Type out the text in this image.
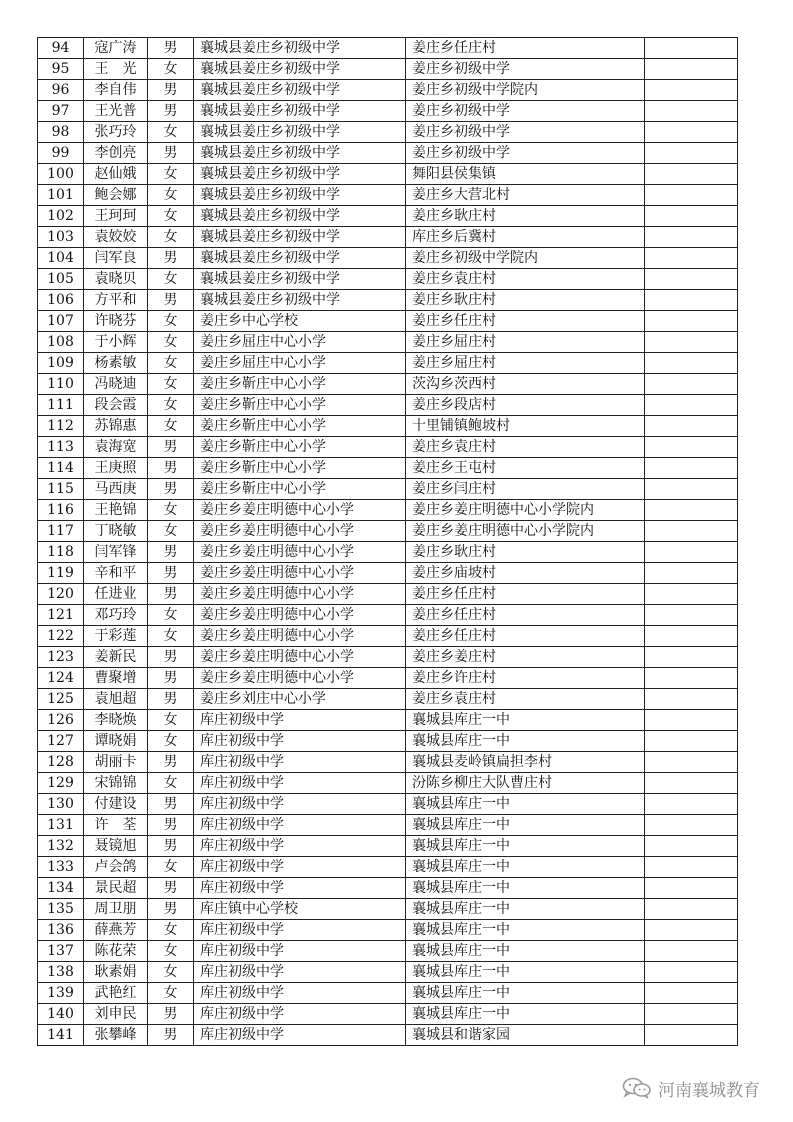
94	寇广涛	男	襄城县姜庄乡初级中学	姜庄乡任庄村	
95	王　光	女	襄城县姜庄乡初级中学	姜庄乡初级中学	
96	李自伟	男	襄城县姜庄乡初级中学	姜庄乡初级中学院内	
97	王光普	男	襄城县姜庄乡初级中学	姜庄乡初级中学	
98	张巧玲	女	襄城县姜庄乡初级中学	姜庄乡初级中学	
99	李创亮	男	襄城县姜庄乡初级中学	姜庄乡初级中学	
100	赵仙娥	女	襄城县姜庄乡初级中学	舞阳县侯集镇	
101	鲍会娜	女	襄城县姜庄乡初级中学	姜庄乡大营北村	
102	王珂珂	女	襄城县姜庄乡初级中学	姜庄乡耿庄村	
103	袁姣姣	女	襄城县姜庄乡初级中学	库庄乡后冀村	
104	闫军良	男	襄城县姜庄乡初级中学	姜庄乡初级中学院内	
105	袁晓贝	女	襄城县姜庄乡初级中学	姜庄乡袁庄村	
106	方平和	男	襄城县姜庄乡初级中学	姜庄乡耿庄村	
107	许晓芬	女	姜庄乡中心学校	姜庄乡任庄村	
108	于小辉	女	姜庄乡屈庄中心小学	姜庄乡屈庄村	
109	杨素敏	女	姜庄乡屈庄中心小学	姜庄乡屈庄村	
110	冯晓迪	女	姜庄乡靳庄中心小学	茨沟乡茨西村	
111	段会霞	女	姜庄乡靳庄中心小学	姜庄乡段店村	
112	苏锦惠	女	姜庄乡靳庄中心小学	十里铺镇鲍坡村	
113	袁海宽	男	姜庄乡靳庄中心小学	姜庄乡袁庄村	
114	王庚照	男	姜庄乡靳庄中心小学	姜庄乡王屯村	
115	马西庚	男	姜庄乡靳庄中心小学	姜庄乡闫庄村	
116	王艳锦	女	姜庄乡姜庄明德中心小学	姜庄乡姜庄明德中心小学院内	
117	丁晓敏	女	姜庄乡姜庄明德中心小学	姜庄乡姜庄明德中心小学院内	
118	闫军锋	男	姜庄乡姜庄明德中心小学	姜庄乡耿庄村	
119	辛和平	男	姜庄乡姜庄明德中心小学	姜庄乡庙坡村	
120	任进业	男	姜庄乡姜庄明德中心小学	姜庄乡任庄村	
121	邓巧玲	女	姜庄乡姜庄明德中心小学	姜庄乡任庄村	
122	于彩莲	女	姜庄乡姜庄明德中心小学	姜庄乡任庄村	
123	姜新民	男	姜庄乡姜庄明德中心小学	姜庄乡姜庄村	
124	曹聚增	男	姜庄乡姜庄明德中心小学	姜庄乡许庄村	
125	袁旭超	男	姜庄乡刘庄中心小学	姜庄乡袁庄村	
126	李晓焕	女	库庄初级中学	襄城县库庄一中	
127	谭晓娟	女	库庄初级中学	襄城县库庄一中	
128	胡丽卡	男	库庄初级中学	襄城县麦岭镇扁担李村	
129	宋锦锦	女	库庄初级中学	汾陈乡柳庄大队曹庄村	
130	付建设	男	库庄初级中学	襄城县库庄一中	
131	许　荃	男	库庄初级中学	襄城县库庄一中	
132	聂镜旭	男	库庄初级中学	襄城县库庄一中	
133	卢会鸽	女	库庄初级中学	襄城县库庄一中	
134	景民超	男	库庄初级中学	襄城县库庄一中	
135	周卫朋	男	库庄镇中心学校	襄城县库庄一中	
136	薛燕芳	女	库庄初级中学	襄城县库庄一中	
137	陈花荣	女	库庄初级中学	襄城县库庄一中	
138	耿素娟	女	库庄初级中学	襄城县库庄一中	
139	武艳红	女	库庄初级中学	襄城县库庄一中	
140	刘申民	男	库庄初级中学	襄城县库庄一中	
141	张攀峰	男	库庄初级中学	襄城县和谐家园	
河南襄城教育
